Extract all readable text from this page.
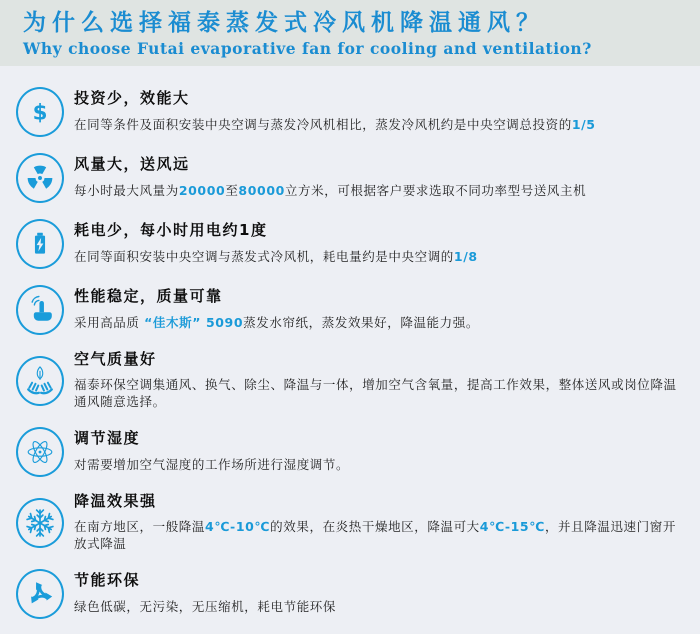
为什么选择福泰蒸发式冷风机降温通风？
Why choose Futai evaporative fan for cooling and ventilation?
$
投资少，效能大
在同等条件及面积安装中央空调与蒸发冷风机相比，蒸发冷风机约是中央空调总投资的1/5
风量大，送风远
每小时最大风量为20000至80000立方米，可根据客户要求选取不同功率型号送风主机
耗电少，每小时用电约1度
在同等面积安装中央空调与蒸发式冷风机，耗电量约是中央空调的1/8
性能稳定，质量可靠
采用高品质 “佳木斯” 5090蒸发水帘纸，蒸发效果好，降温能力强。
空气质量好
福泰环保空调集通风、换气、除尘、降温与一体，增加空气含氧量，提高工作效果，整体送风或岗位降温通风随意选择。
调节湿度
对需要增加空气湿度的工作场所进行湿度调节。
降温效果强
在南方地区，一般降温4℃-10℃的效果，在炎热干燥地区，降温可大4℃-15℃，并且降温迅速门窗开放式降温
节能环保
绿色低碳，无污染，无压缩机，耗电节能环保
